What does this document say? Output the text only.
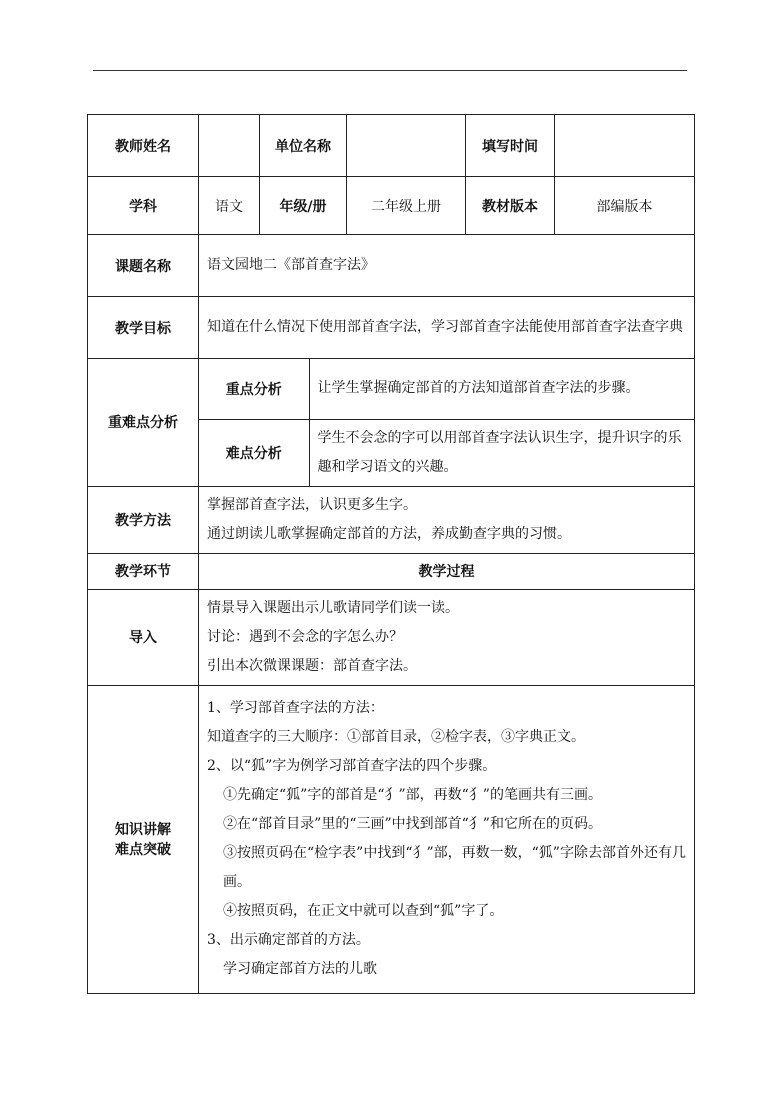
教师姓名		单位名称		填写时间	
学科	语文	年级/册	二年级上册	教材版本	部编版本
课题名称	语文园地二《部首查字法》
教学目标	知道在什么情况下使用部首查字法，学习部首查字法能使用部首查字法查字典
重难点分析	
重点分析	让学生掌握确定部首的方法知道部首查字法的步骤。
难点分析	学生不会念的字可以用部首查字法认识生字，提升识字的乐趣和学习语文的兴趣。

教学方法	
掌握部首查字法，认识更多生字。
通过朗读儿歌掌握确定部首的方法，养成勤查字典的习惯。

教学环节	教学过程
导入	
情景导入课题出示儿歌请同学们读一读。
讨论：遇到不会念的字怎么办？
引出本次微课课题：部首查字法。

知识讲解
难点突破

1、学习部首查字法的方法：
知道查字的三大顺序：①部首目录，②检字表，③字典正文。
2、以“狐”字为例学习部首查字法的四个步骤。
①先确定“狐”字的部首是“犭”部，再数“犭”的笔画共有三画。
②在“部首目录”里的“三画”中找到部首“犭”和它所在的页码。
③按照页码在“检字表”中找到“犭”部，再数一数，“狐”字除去部首外还有几画。
④按照页码，在正文中就可以查到“狐”字了。
3、出示确定部首的方法。
学习确定部首方法的儿歌
